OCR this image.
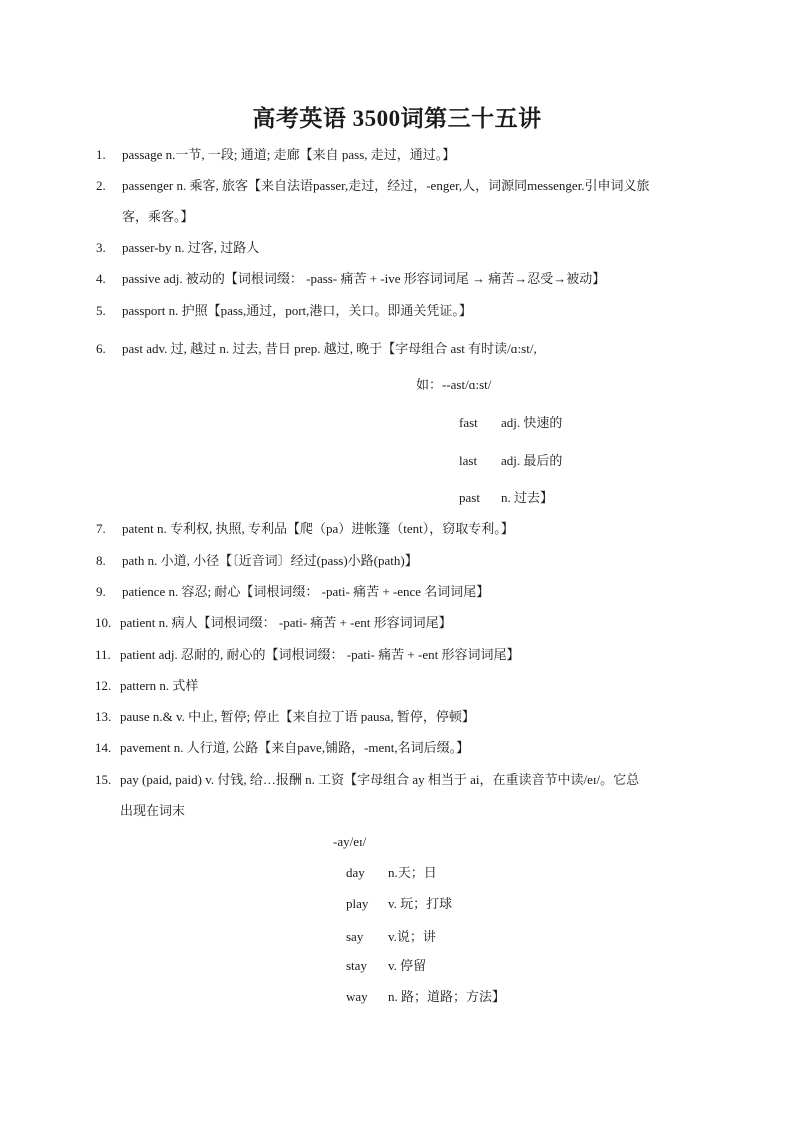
高考英语 3500词第三十五讲
1. passage n.一节, 一段; 通道; 走廊【来自 pass, 走过，通过。】
2. passenger n. 乘客, 旅客【来自法语passer,走过，经过，-enger,人，词源同messenger.引申词义旅
客，乘客。】
3. passer-by n. 过客, 过路人
4. passive adj. 被动的【词根词缀： -pass- 痛苦 + -ive 形容词词尾 → 痛苦→忍受→被动】
5. passport n. 护照【pass,通过，port,港口，关口。即通关凭证。】
6. past adv. 过, 越过 n. 过去, 昔日 prep. 越过, 晚于【字母组合 ast 有时读/ɑ:st/,
如：--ast/ɑ:st/
fast adj. 快速的
last adj. 最后的
past n. 过去】
7. patent n. 专利权, 执照, 专利品【爬（pa）进帐篷（tent），窃取专利。】
8. path n. 小道, 小径【〔近音词〕经过(pass)小路(path)】
9. patience n. 容忍; 耐心【词根词缀： -pati- 痛苦 + -ence 名词词尾】
10. patient n. 病人【词根词缀： -pati- 痛苦 + -ent 形容词词尾】
11. patient adj. 忍耐的, 耐心的【词根词缀： -pati- 痛苦 + -ent 形容词词尾】
12. pattern n. 式样
13. pause n.& v. 中止, 暂停; 停止【来自拉丁语 pausa, 暂停，停顿】
14. pavement n. 人行道, 公路【来自pave,铺路，-ment,名词后缀。】
15. pay (paid, paid) v. 付钱, 给…报酬 n. 工资【字母组合 ay 相当于 ai，在重读音节中读/eɪ/。它总
出现在词末
-ay/eɪ/
day n.天；日
play v. 玩；打球
say v.说；讲
stay v. 停留
way n. 路；道路；方法】
